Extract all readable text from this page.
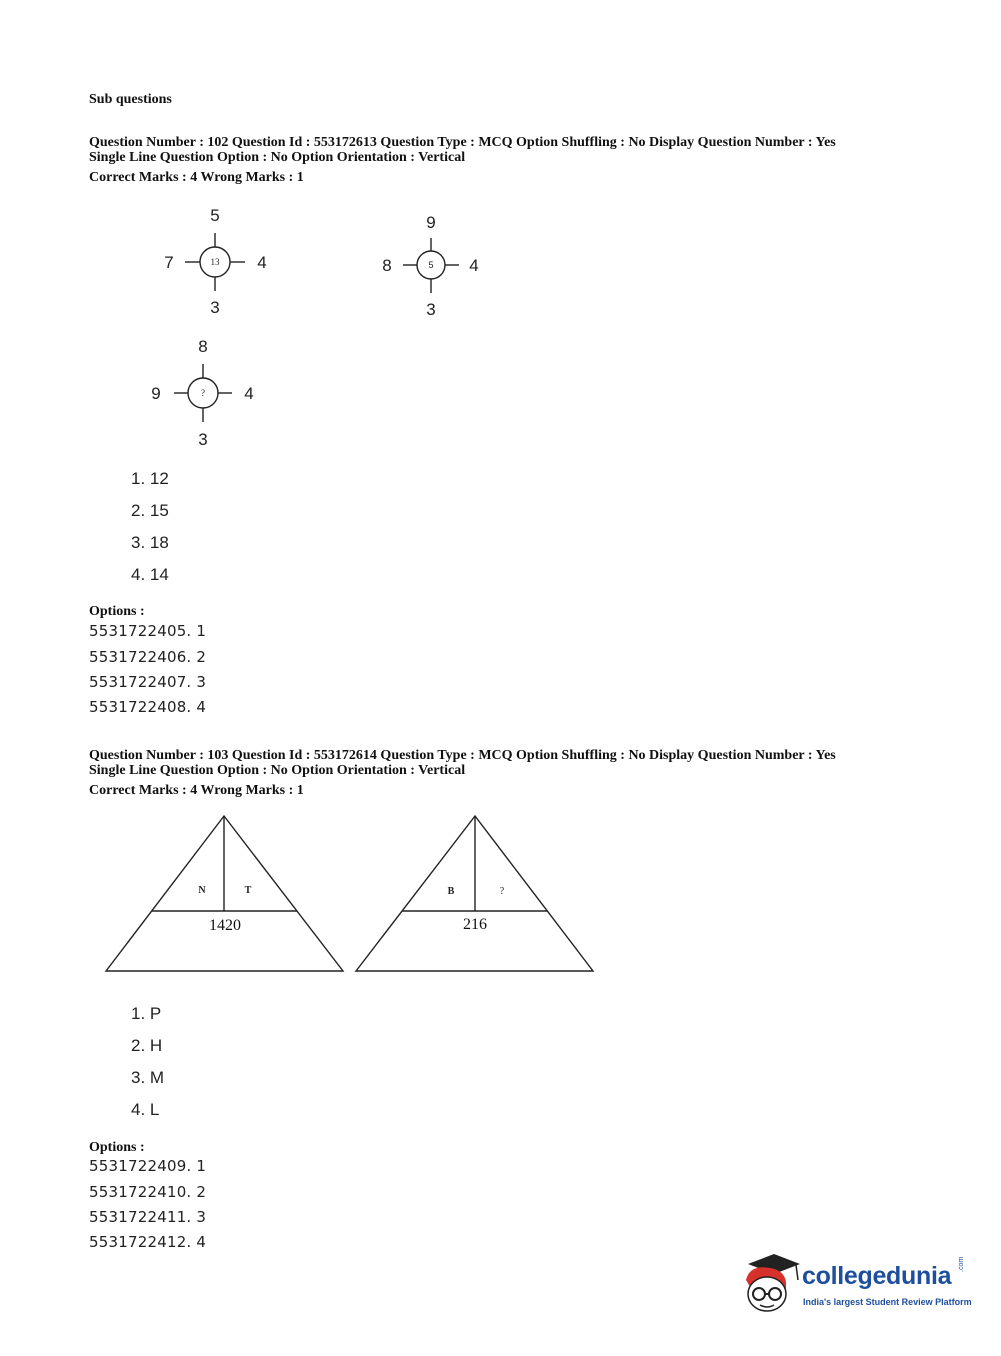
Sub questions
Question Number : 102 Question Id : 553172613 Question Type : MCQ Option Shuffling : No Display Question Number : Yes
Single Line Question Option : No Option Orientation : Vertical
Correct Marks : 4 Wrong Marks : 1
5
7	4
3
13
9
8	4
3
5
8
9	4
3
?
1. 12
2. 15
3. 18
4. 14
Options :
5531722405. 1
5531722406. 2
5531722407. 3
5531722408. 4
Question Number : 103 Question Id : 553172614 Question Type : MCQ Option Shuffling : No Display Question Number : Yes
Single Line Question Option : No Option Orientation : Vertical
Correct Marks : 4 Wrong Marks : 1
N	T
1420
B	?
216
1. P
2. H
3. M
4. L
Options :
5531722409. 1
5531722410. 2
5531722411. 3
5531722412. 4
collegedunia .com
India's largest Student Review Platform
